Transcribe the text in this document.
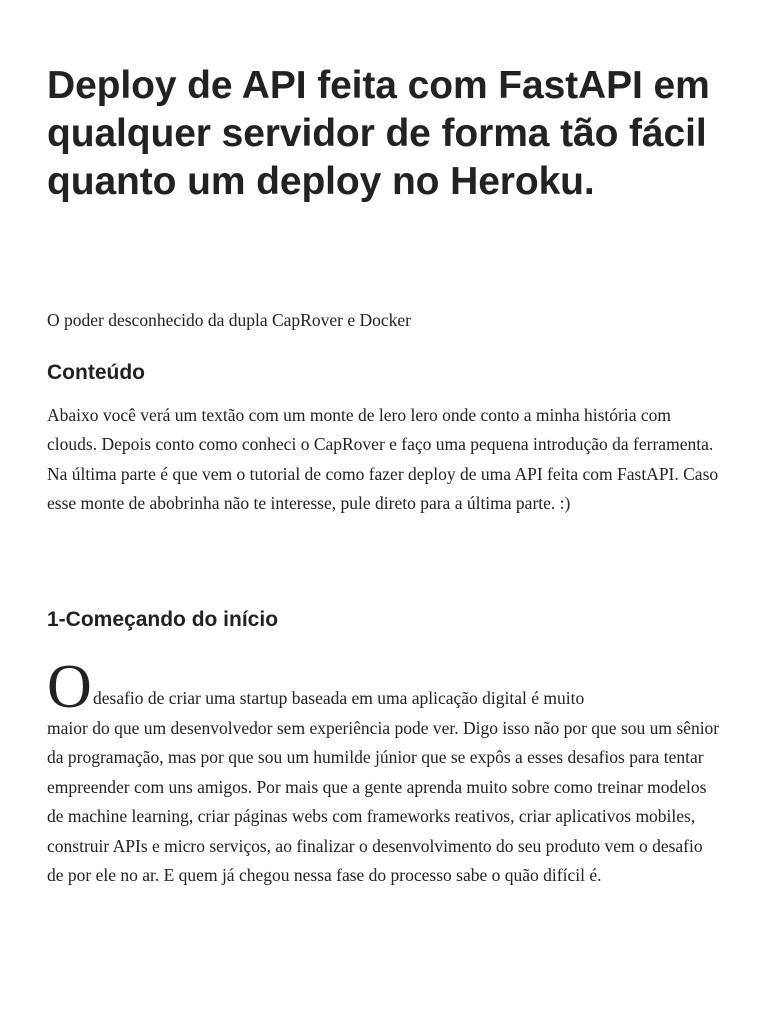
Deploy de API feita com FastAPI em qualquer servidor de forma tão fácil quanto um deploy no Heroku.

O poder desconhecido da dupla CapRover e Docker

Conteúdo

Abaixo você verá um textão com um monte de lero lero onde conto a minha história com clouds. Depois conto como conheci o CapRover e faço uma pequena introdução da ferramenta. Na última parte é que vem o tutorial de como fazer deploy de uma API feita com FastAPI. Caso esse monte de abobrinha não te interesse, pule direto para a última parte. :)

1-Começando do início
O desafio de criar uma startup baseada em uma aplicação digital é muito

maior do que um desenvolvedor sem experiência pode ver. Digo isso não por que sou um sênior da programação, mas por que sou um humilde júnior que se expôs a esses desafios para tentar empreender com uns amigos. Por mais que a gente aprenda muito sobre como treinar modelos de machine learning, criar páginas webs com frameworks reativos, criar aplicativos mobiles, construir APIs e micro serviços, ao finalizar o desenvolvimento do seu produto vem o desafio de por ele no ar. E quem já chegou nessa fase do processo sabe o quão difícil é.
